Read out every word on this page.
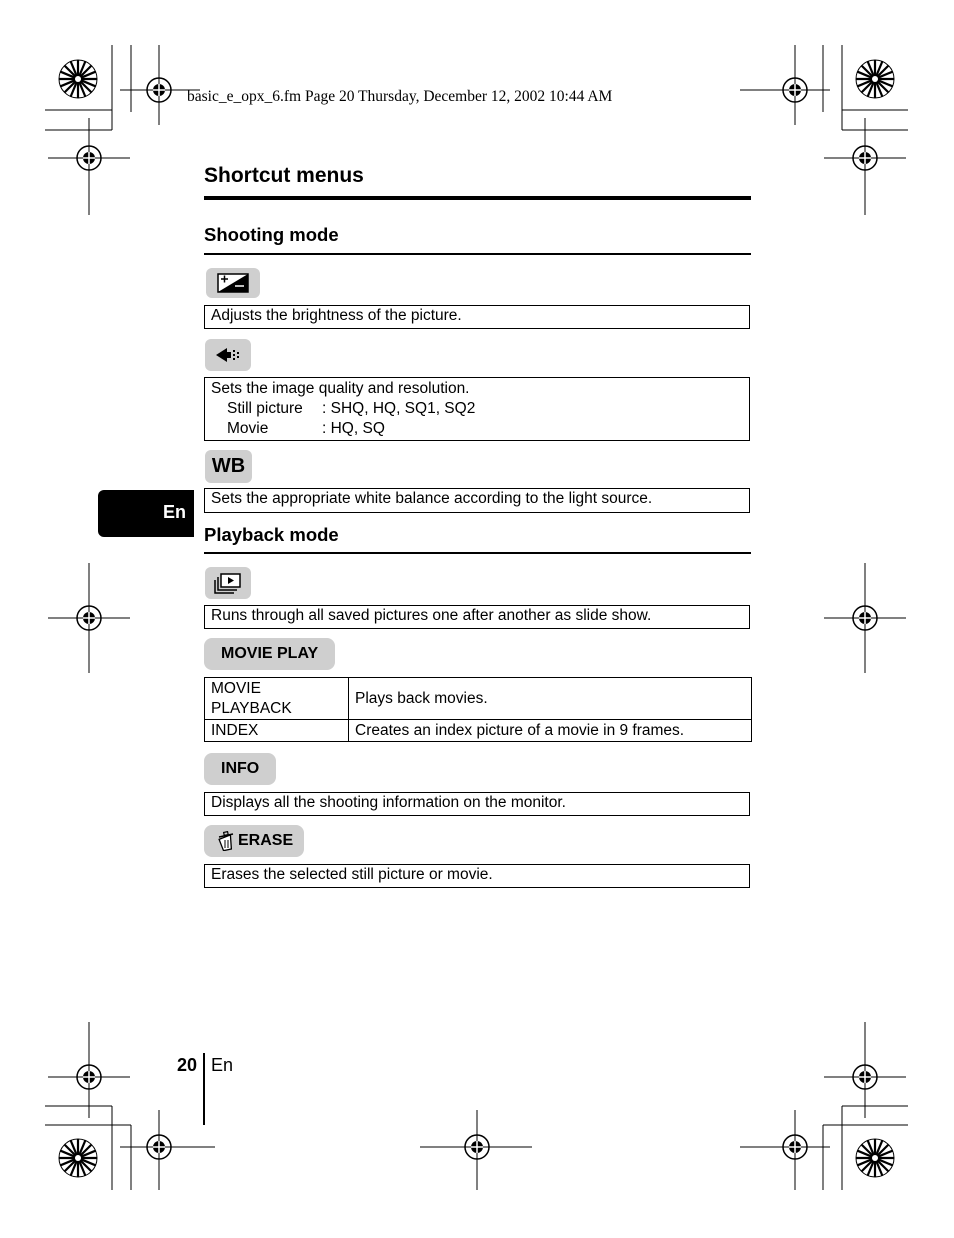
basic_e_opx_6.fm Page 20 Thursday, December 12, 2002 10:44 AM
Shortcut menus
En
Shooting mode
Adjusts the brightness of the picture.
Sets the image quality and resolution.
Still picture	: SHQ, HQ, SQ1, SQ2
Movie	: HQ, SQ
WB
Sets the appropriate white balance according to the light source.
Playback mode
Runs through all saved pictures one after another as slide show.
MOVIE PLAY
MOVIE
PLAYBACK	Plays back movies.
INDEX	Creates an index picture of a movie in 9 frames.
INFO
Displays all the shooting information on the monitor.
ERASE
Erases the selected still picture or movie.
20 En
